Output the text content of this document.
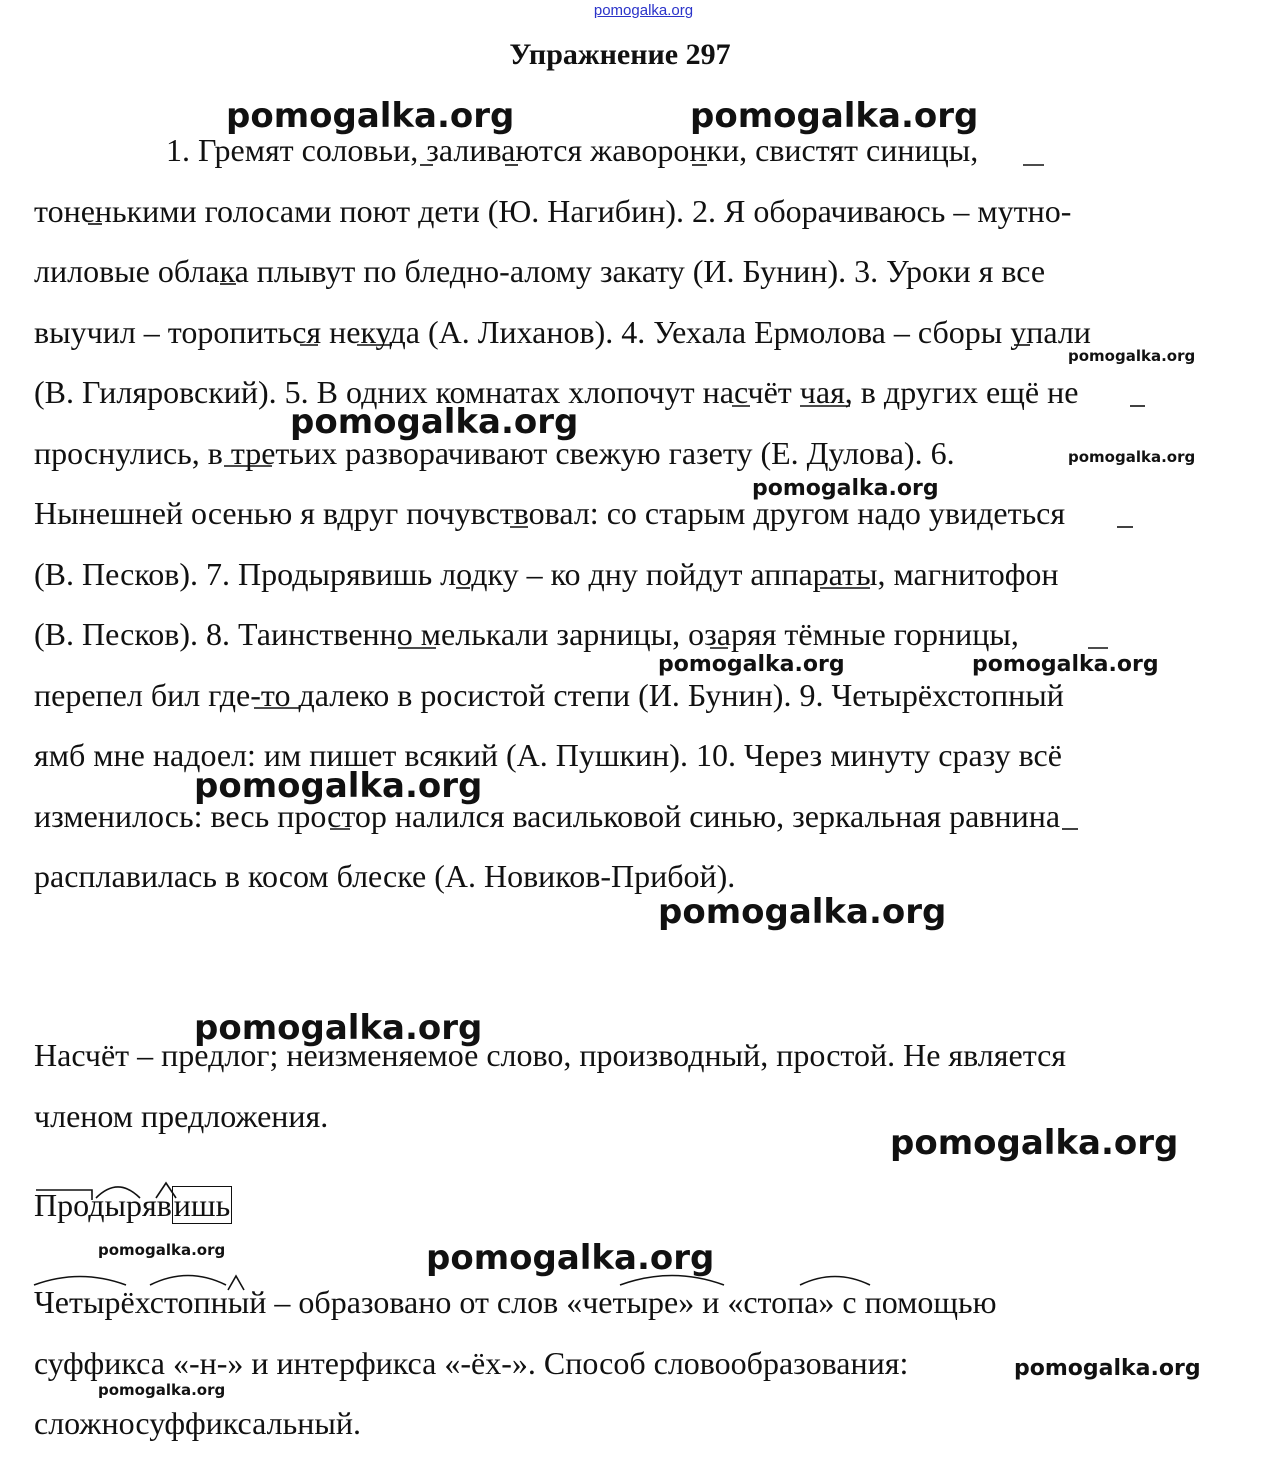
pomogalka.org
Упражнение 297
1. Гремят соловьи, заливаются жаворонки, свистят синицы,
тоненькими голосами поют дети (Ю. Нагибин). 2. Я оборачиваюсь – мутно-
лиловые облака плывут по бледно-алому закату (И. Бунин). 3. Уроки я все
выучил – торопиться некуда (А. Лиханов). 4. Уехала Ермолова – сборы упали
(В. Гиляровский). 5. В одних комнатах хлопочут насчёт чая, в других ещё не
проснулись, в третьих разворачивают свежую газету (Е. Дулова). 6.
Нынешней осенью я вдруг почувствовал: со старым другом надо увидеться
(В. Песков). 7. Продырявишь лодку – ко дну пойдут аппараты, магнитофон
(В. Песков). 8. Таинственно мелькали зарницы, озаряя тёмные горницы,
перепел бил где-то далеко в росистой степи (И. Бунин). 9. Четырёхстопный
ямб мне надоел: им пишет всякий (А. Пушкин). 10. Через минуту сразу всё
изменилось: весь простор налился васильковой синью, зеркальная равнина
расплавилась в косом блеске (А. Новиков-Прибой).
Насчёт – предлог; неизменяемое слово, производный, простой. Не является
членом предложения.
Продырявишь
Четырёхстопный – образовано от слов «четыре» и «стопа» с помощью
суффикса «-н-» и интерфикса «-ёх-». Способ словообразования:
сложносуффиксальный.
pomogalka.org	pomogalka.org
pomogalka.org
pomogalka.org
pomogalka.org
pomogalka.org
pomogalka.org	pomogalka.org
pomogalka.org
pomogalka.org
pomogalka.org
pomogalka.org
pomogalka.org	pomogalka.org
pomogalka.org
pomogalka.org
